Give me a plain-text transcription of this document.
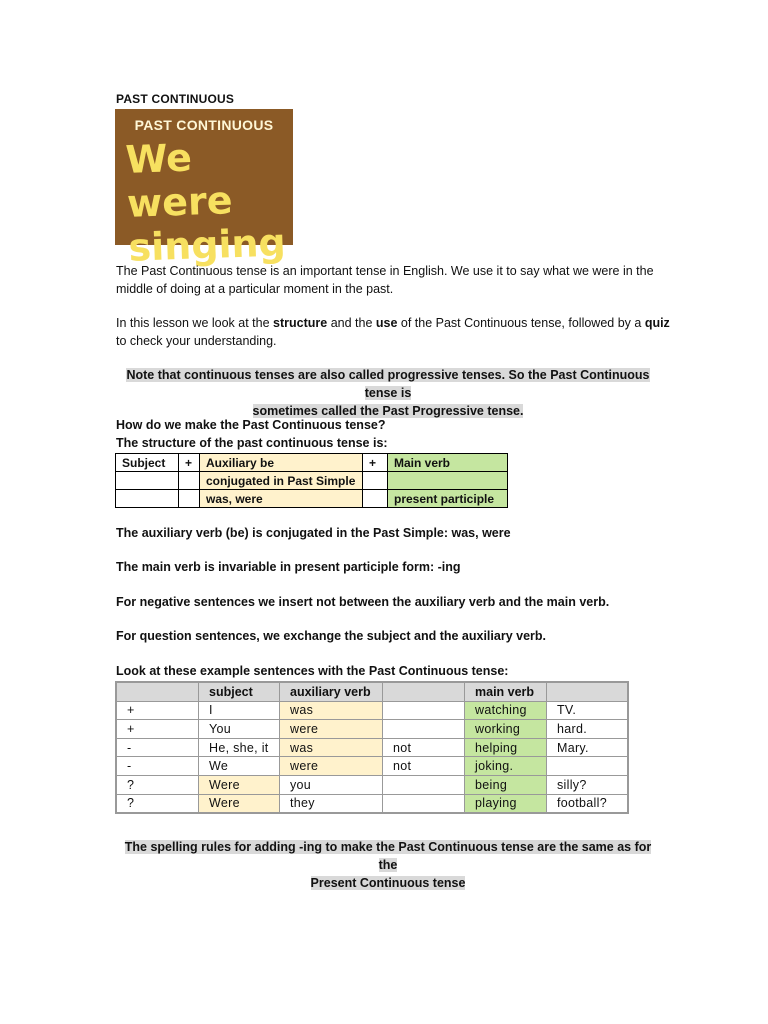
PAST CONTINUOUS
PAST CONTINUOUS
We were
singing

The Past Continuous tense is an important tense in English. We use it to say what we were in the middle of doing at a particular moment in the past.

In this lesson we look at the structure and the use of the Past Continuous tense, followed by a quiz to check your understanding.

Note that continuous tenses are also called progressive tenses. So the Past Continuous tense is
sometimes called the Past Progressive tense.
How do we make the Past Continuous tense?
The structure of the past continuous tense is:
Subject	+	Auxiliary be	+	Main verb
		conjugated in Past Simple		
		was, were		present participle
The auxiliary verb (be) is conjugated in the Past Simple: was, were
The main verb is invariable in present participle form: -ing
For negative sentences we insert not between the auxiliary verb and the main verb.
For question sentences, we exchange the subject and the auxiliary verb.
Look at these example sentences with the Past Continuous tense:
	subject	auxiliary verb		main verb	
+	I	was		watching	TV.
+	You	were		working	hard.
-	He, she, it	was	not	helping	Mary.
-	We	were	not	joking.	
?	Were	you		being	silly?
?	Were	they		playing	football?
The spelling rules for adding -ing to make the Past Continuous tense are the same as for the
Present Continuous tense
